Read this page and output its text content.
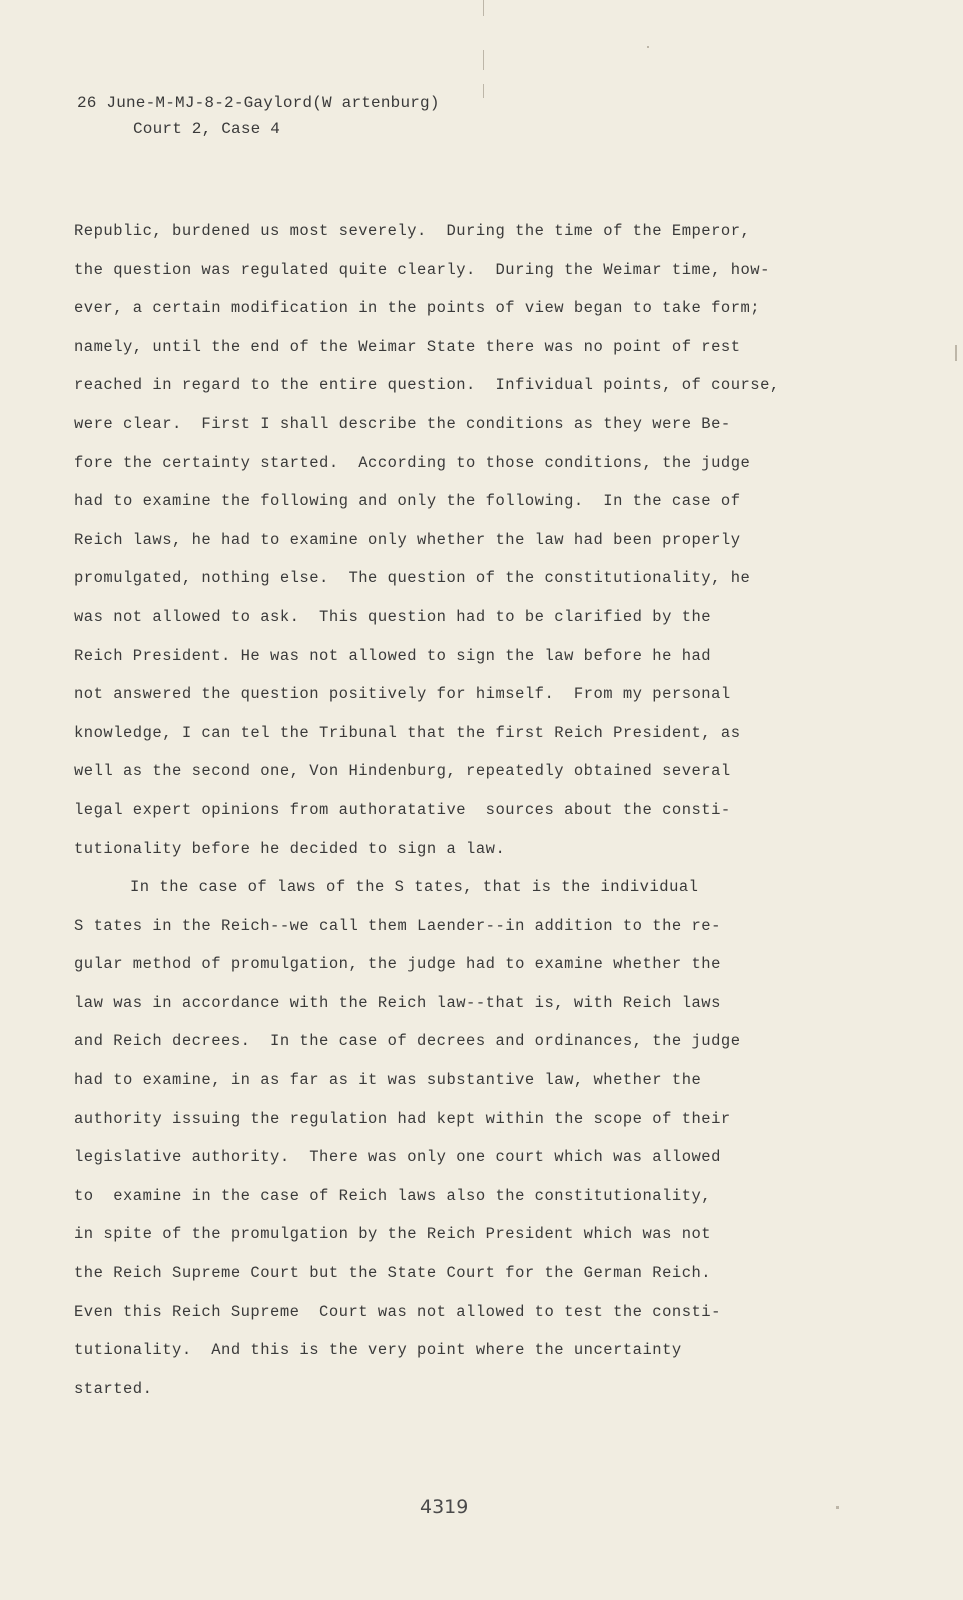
26 June-M-MJ-8-2-Gaylord(W artenburg)
Court 2, Case 4
Republic, burdened us most severely.  During the time of the Emperor,
the question was regulated quite clearly.  During the Weimar time, how-
ever, a certain modification in the points of view began to take form;
namely, until the end of the Weimar State there was no point of rest
reached in regard to the entire question.  Infividual points, of course,
were clear.  First I shall describe the conditions as they were Be-
fore the certainty started.  According to those conditions, the judge
had to examine the following and only the following.  In the case of
Reich laws, he had to examine only whether the law had been properly
promulgated, nothing else.  The question of the constitutionality, he
was not allowed to ask.  This question had to be clarified by the
Reich President. He was not allowed to sign the law before he had
not answered the question positively for himself.  From my personal
knowledge, I can tel the Tribunal that the first Reich President, as
well as the second one, Von Hindenburg, repeatedly obtained several
legal expert opinions from authoratative  sources about the consti-
tutionality before he decided to sign a law.
In the case of laws of the S tates, that is the individual
S tates in the Reich--we call them Laender--in addition to the re-
gular method of promulgation, the judge had to examine whether the
law was in accordance with the Reich law--that is, with Reich laws
and Reich decrees.  In the case of decrees and ordinances, the judge
had to examine, in as far as it was substantive law, whether the
authority issuing the regulation had kept within the scope of their
legislative authority.  There was only one court which was allowed
to  examine in the case of Reich laws also the constitutionality,
in spite of the promulgation by the Reich President which was not
the Reich Supreme Court but the State Court for the German Reich.
Even this Reich Supreme  Court was not allowed to test the consti-
tutionality.  And this is the very point where the uncertainty
started.
4319
